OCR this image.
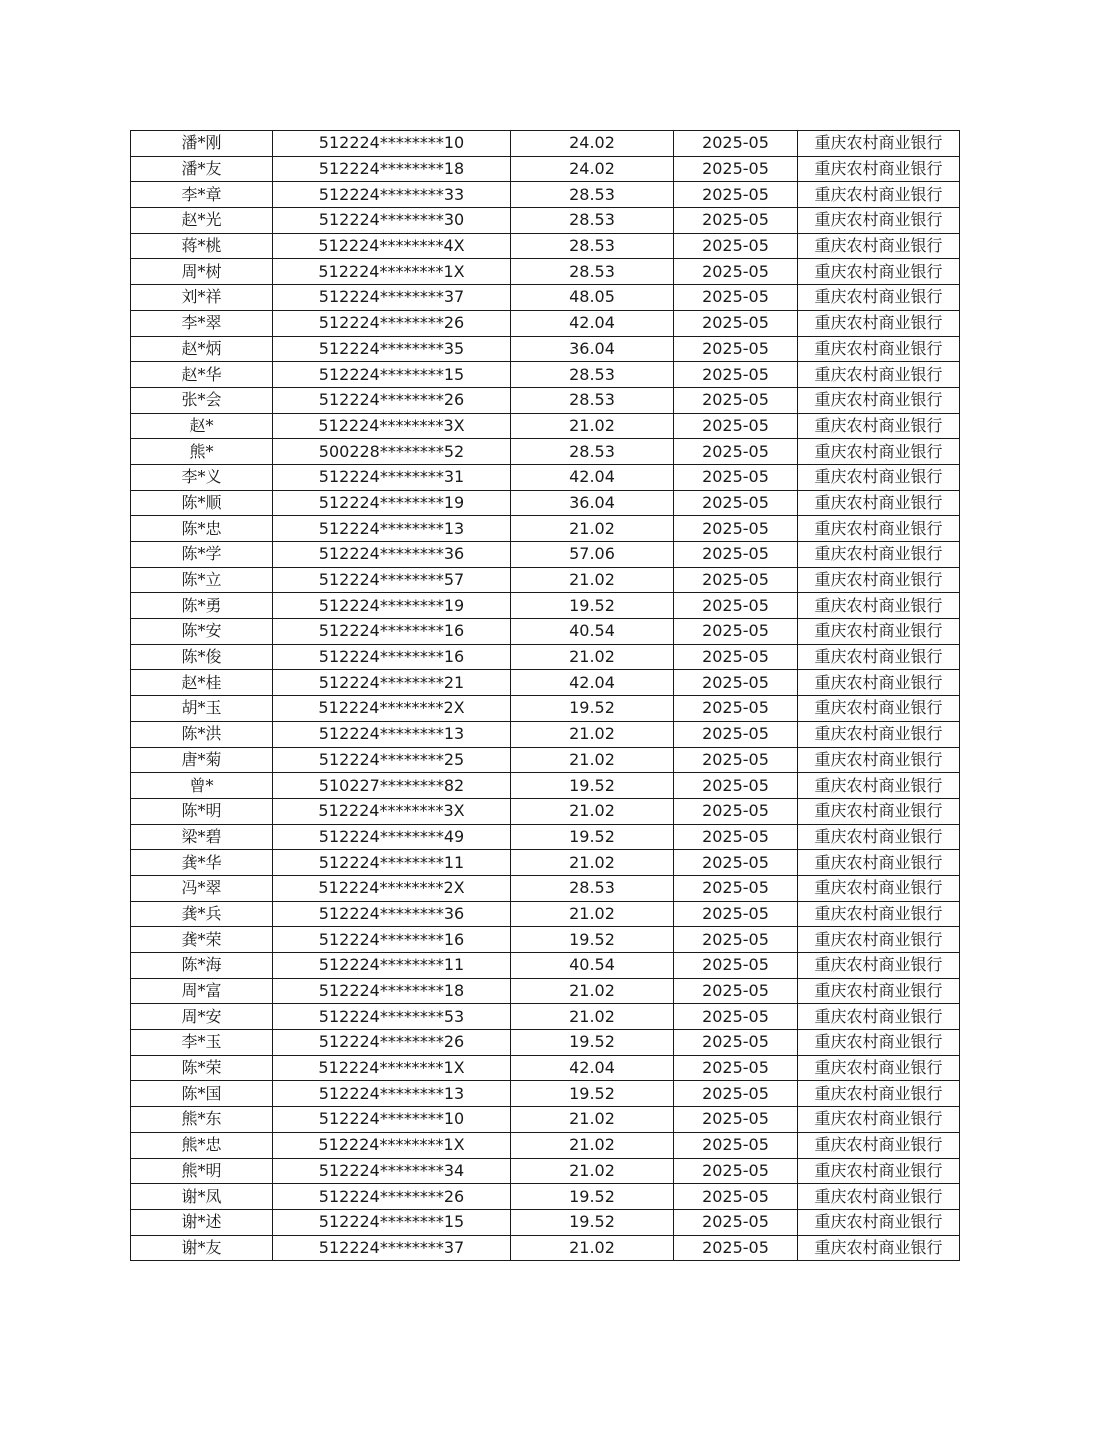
潘*刚	512224********10	24.02	2025-05	重庆农村商业银行
潘*友	512224********18	24.02	2025-05	重庆农村商业银行
李*章	512224********33	28.53	2025-05	重庆农村商业银行
赵*光	512224********30	28.53	2025-05	重庆农村商业银行
蒋*桃	512224********4X	28.53	2025-05	重庆农村商业银行
周*树	512224********1X	28.53	2025-05	重庆农村商业银行
刘*祥	512224********37	48.05	2025-05	重庆农村商业银行
李*翠	512224********26	42.04	2025-05	重庆农村商业银行
赵*炳	512224********35	36.04	2025-05	重庆农村商业银行
赵*华	512224********15	28.53	2025-05	重庆农村商业银行
张*会	512224********26	28.53	2025-05	重庆农村商业银行
赵*	512224********3X	21.02	2025-05	重庆农村商业银行
熊*	500228********52	28.53	2025-05	重庆农村商业银行
李*义	512224********31	42.04	2025-05	重庆农村商业银行
陈*顺	512224********19	36.04	2025-05	重庆农村商业银行
陈*忠	512224********13	21.02	2025-05	重庆农村商业银行
陈*学	512224********36	57.06	2025-05	重庆农村商业银行
陈*立	512224********57	21.02	2025-05	重庆农村商业银行
陈*勇	512224********19	19.52	2025-05	重庆农村商业银行
陈*安	512224********16	40.54	2025-05	重庆农村商业银行
陈*俊	512224********16	21.02	2025-05	重庆农村商业银行
赵*桂	512224********21	42.04	2025-05	重庆农村商业银行
胡*玉	512224********2X	19.52	2025-05	重庆农村商业银行
陈*洪	512224********13	21.02	2025-05	重庆农村商业银行
唐*菊	512224********25	21.02	2025-05	重庆农村商业银行
曾*	510227********82	19.52	2025-05	重庆农村商业银行
陈*明	512224********3X	21.02	2025-05	重庆农村商业银行
梁*碧	512224********49	19.52	2025-05	重庆农村商业银行
龚*华	512224********11	21.02	2025-05	重庆农村商业银行
冯*翠	512224********2X	28.53	2025-05	重庆农村商业银行
龚*兵	512224********36	21.02	2025-05	重庆农村商业银行
龚*荣	512224********16	19.52	2025-05	重庆农村商业银行
陈*海	512224********11	40.54	2025-05	重庆农村商业银行
周*富	512224********18	21.02	2025-05	重庆农村商业银行
周*安	512224********53	21.02	2025-05	重庆农村商业银行
李*玉	512224********26	19.52	2025-05	重庆农村商业银行
陈*荣	512224********1X	42.04	2025-05	重庆农村商业银行
陈*国	512224********13	19.52	2025-05	重庆农村商业银行
熊*东	512224********10	21.02	2025-05	重庆农村商业银行
熊*忠	512224********1X	21.02	2025-05	重庆农村商业银行
熊*明	512224********34	21.02	2025-05	重庆农村商业银行
谢*凤	512224********26	19.52	2025-05	重庆农村商业银行
谢*述	512224********15	19.52	2025-05	重庆农村商业银行
谢*友	512224********37	21.02	2025-05	重庆农村商业银行
